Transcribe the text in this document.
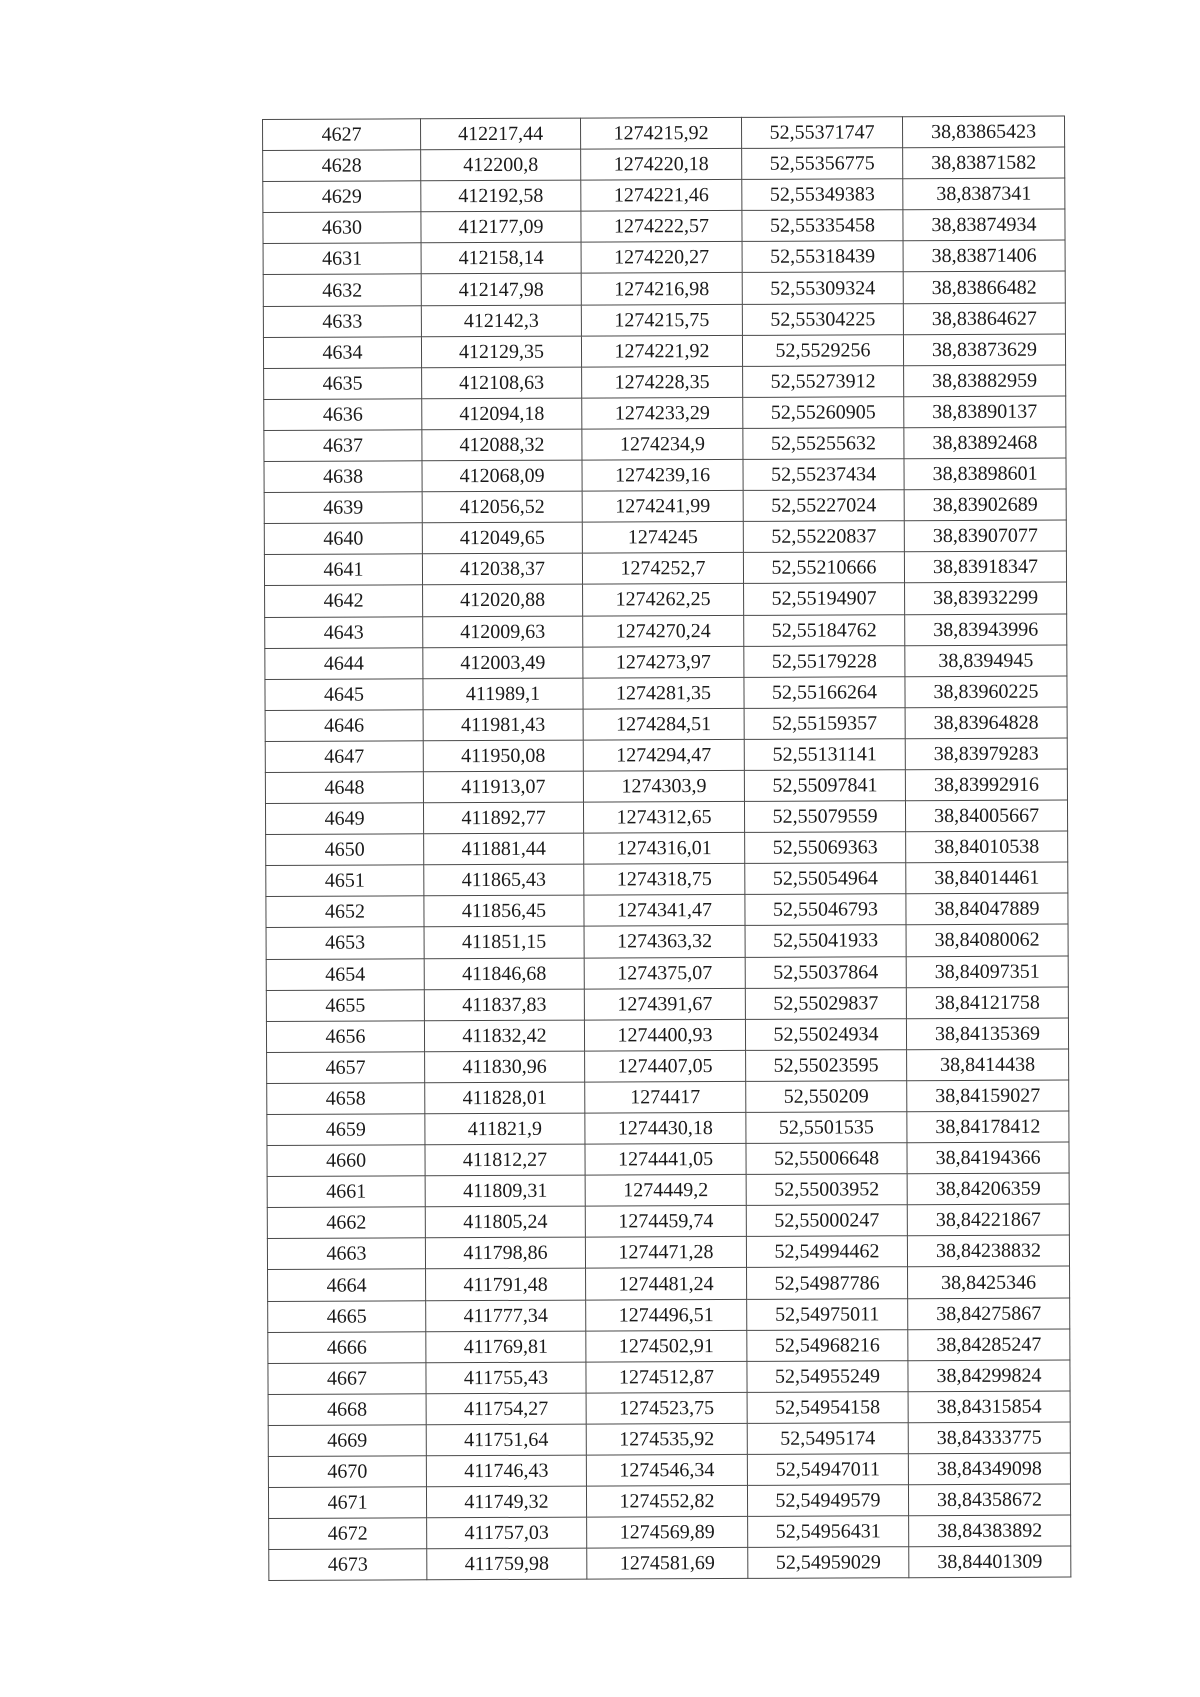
4627	412217,44	1274215,92	52,55371747	38,83865423
4628	412200,8	1274220,18	52,55356775	38,83871582
4629	412192,58	1274221,46	52,55349383	38,8387341
4630	412177,09	1274222,57	52,55335458	38,83874934
4631	412158,14	1274220,27	52,55318439	38,83871406
4632	412147,98	1274216,98	52,55309324	38,83866482
4633	412142,3	1274215,75	52,55304225	38,83864627
4634	412129,35	1274221,92	52,5529256	38,83873629
4635	412108,63	1274228,35	52,55273912	38,83882959
4636	412094,18	1274233,29	52,55260905	38,83890137
4637	412088,32	1274234,9	52,55255632	38,83892468
4638	412068,09	1274239,16	52,55237434	38,83898601
4639	412056,52	1274241,99	52,55227024	38,83902689
4640	412049,65	1274245	52,55220837	38,83907077
4641	412038,37	1274252,7	52,55210666	38,83918347
4642	412020,88	1274262,25	52,55194907	38,83932299
4643	412009,63	1274270,24	52,55184762	38,83943996
4644	412003,49	1274273,97	52,55179228	38,8394945
4645	411989,1	1274281,35	52,55166264	38,83960225
4646	411981,43	1274284,51	52,55159357	38,83964828
4647	411950,08	1274294,47	52,55131141	38,83979283
4648	411913,07	1274303,9	52,55097841	38,83992916
4649	411892,77	1274312,65	52,55079559	38,84005667
4650	411881,44	1274316,01	52,55069363	38,84010538
4651	411865,43	1274318,75	52,55054964	38,84014461
4652	411856,45	1274341,47	52,55046793	38,84047889
4653	411851,15	1274363,32	52,55041933	38,84080062
4654	411846,68	1274375,07	52,55037864	38,84097351
4655	411837,83	1274391,67	52,55029837	38,84121758
4656	411832,42	1274400,93	52,55024934	38,84135369
4657	411830,96	1274407,05	52,55023595	38,8414438
4658	411828,01	1274417	52,550209	38,84159027
4659	411821,9	1274430,18	52,5501535	38,84178412
4660	411812,27	1274441,05	52,55006648	38,84194366
4661	411809,31	1274449,2	52,55003952	38,84206359
4662	411805,24	1274459,74	52,55000247	38,84221867
4663	411798,86	1274471,28	52,54994462	38,84238832
4664	411791,48	1274481,24	52,54987786	38,8425346
4665	411777,34	1274496,51	52,54975011	38,84275867
4666	411769,81	1274502,91	52,54968216	38,84285247
4667	411755,43	1274512,87	52,54955249	38,84299824
4668	411754,27	1274523,75	52,54954158	38,84315854
4669	411751,64	1274535,92	52,5495174	38,84333775
4670	411746,43	1274546,34	52,54947011	38,84349098
4671	411749,32	1274552,82	52,54949579	38,84358672
4672	411757,03	1274569,89	52,54956431	38,84383892
4673	411759,98	1274581,69	52,54959029	38,84401309
